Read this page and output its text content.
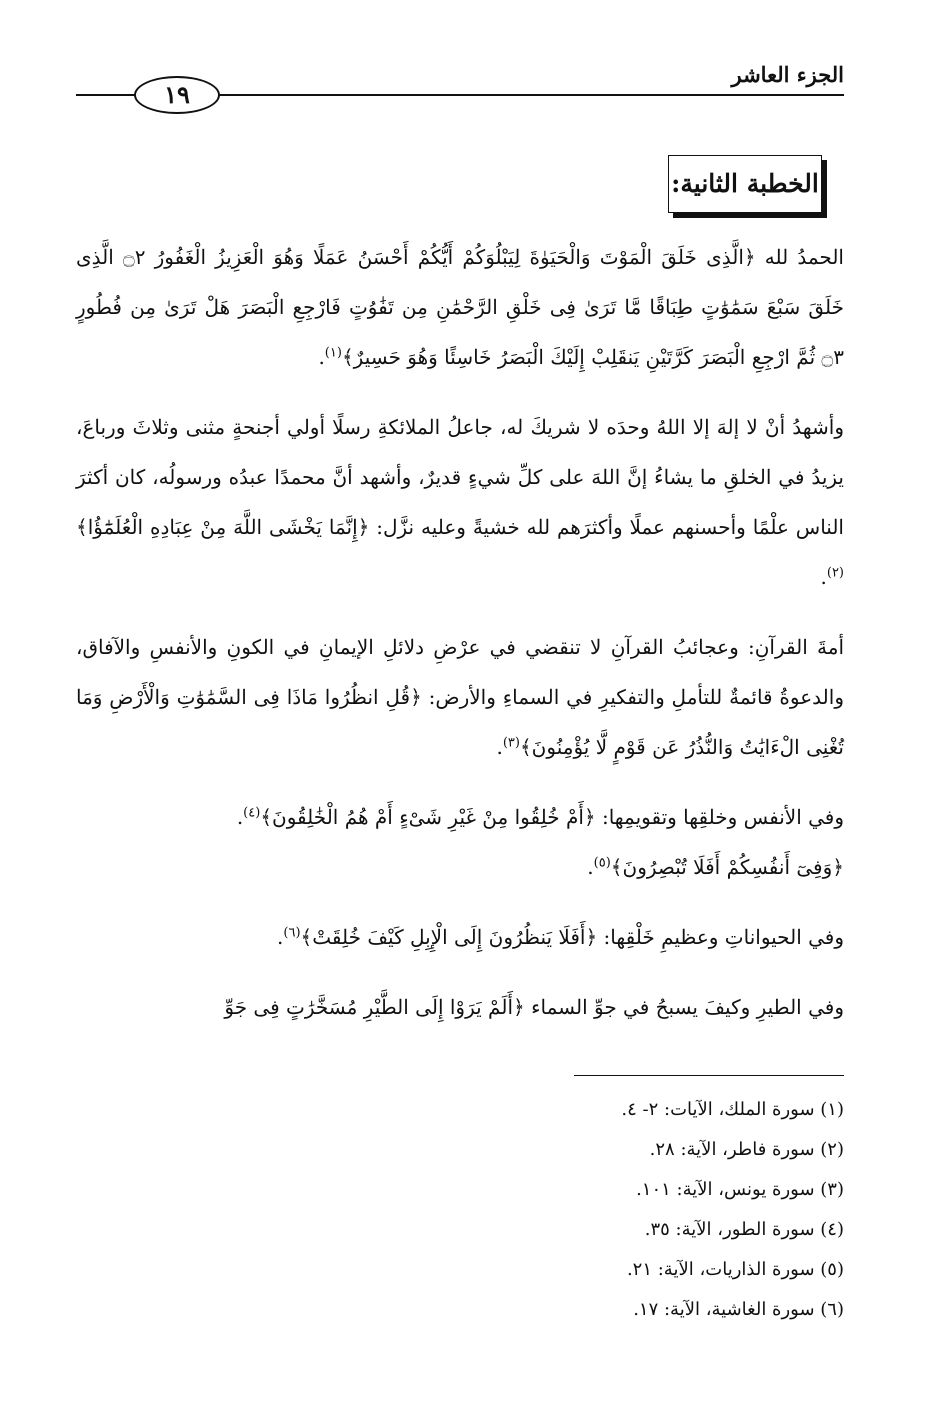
الجزء العاشر
١٩
الخطبة الثانية:

الحمدُ لله ﴿الَّذِى خَلَقَ الْمَوْتَ وَالْحَيَوٰةَ لِيَبْلُوَكُمْ أَيُّكُمْ أَحْسَنُ عَمَلًا وَهُوَ الْعَزِيزُ الْغَفُورُ ۝٢ الَّذِى خَلَقَ سَبْعَ سَمَٰوَٰتٍ طِبَاقًا مَّا تَرَىٰ فِى خَلْقِ الرَّحْمَٰنِ مِن تَفَٰوُتٍ فَارْجِعِ الْبَصَرَ هَلْ تَرَىٰ مِن فُطُورٍ ۝٣ ثُمَّ ارْجِعِ الْبَصَرَ كَرَّتَيْنِ يَنقَلِبْ إِلَيْكَ الْبَصَرُ خَاسِئًا وَهُوَ حَسِيرٌ﴾$^{(١)}$.

وأشهدُ أنْ لا إلهَ إلا اللهُ وحدَه لا شريكَ له، جاعلُ الملائكةِ رسلًا أولي أجنحةٍ مثنى وثلاثَ ورباعَ، يزيدُ في الخلقِ ما يشاءُ إنَّ اللهَ على كلِّ شيءٍ قديرٌ، وأشهد أنَّ محمدًا عبدُه ورسولُه، كان أكثرَ الناس علْمًا وأحسنهم عملًا وأكثرَهم لله خشيةً وعليه نزَّل: ﴿إِنَّمَا يَخْشَى اللَّهَ مِنْ عِبَادِهِ الْعُلَمَٰٓؤُا﴾$^{(٢)}$.

أمةَ القرآنِ: وعجائبُ القرآنِ لا تنقضي في عرْضِ دلائلِ الإيمانِ في الكونِ والأنفسِ والآفاق، والدعوةُ قائمةٌ للتأملِ والتفكيرِ في السماءِ والأرض: ﴿قُلِ انظُرُوا مَاذَا فِى السَّمَٰوَٰتِ وَالْأَرْضِ وَمَا تُغْنِى الْءَايَٰتُ وَالنُّذُرُ عَن قَوْمٍ لَّا يُؤْمِنُونَ﴾$^{(٣)}$.

وفي الأنفس وخلقِها وتقويمِها: ﴿أَمْ خُلِقُوا مِنْ غَيْرِ شَىْءٍ أَمْ هُمُ الْخَٰلِقُونَ﴾$^{(٤)}$.
﴿وَفِىٓ أَنفُسِكُمْ أَفَلَا تُبْصِرُونَ﴾$^{(٥)}$.

وفي الحيواناتِ وعظيمِ خَلْقِها: ﴿أَفَلَا يَنظُرُونَ إِلَى الْإِبِلِ كَيْفَ خُلِقَتْ﴾$^{(٦)}$.

وفي الطيرِ وكيفَ يسبحُ في جوِّ السماء ﴿أَلَمْ يَرَوْا إِلَى الطَّيْرِ مُسَخَّرَٰتٍ فِى جَوِّ

(١) سورة الملك، الآيات: ٢- ٤.
(٢) سورة فاطر، الآية: ٢٨.
(٣) سورة يونس، الآية: ١٠١.
(٤) سورة الطور، الآية: ٣٥.
(٥) سورة الذاريات، الآية: ٢١.
(٦) سورة الغاشية، الآية: ١٧.
